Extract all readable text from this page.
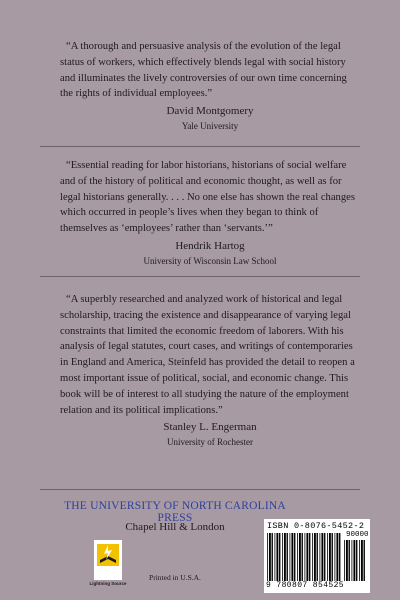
“A thorough and persuasive analysis of the evolution of the legal status of workers, which effectively blends legal with social history and illuminates the lively controversies of our own time concerning the rights of individual employees.”

David Montgomery
Yale University

“Essential reading for labor historians, historians of social welfare and of the history of political and economic thought, as well as for legal historians generally. . . . No one else has shown the real changes which occurred in people’s lives when they began to think of themselves as ‘employees’ rather than ‘servants.’”

Hendrik Hartog
University of Wisconsin Law School

“A superbly researched and analyzed work of historical and legal scholarship, tracing the existence and disappearance of varying legal constraints that limited the economic freedom of laborers. With his analysis of legal statutes, court cases, and writings of contemporaries in England and America, Steinfeld has provided the detail to reopen a most important issue of political, social, and economic change. This book will be of interest to all studying the nature of the employment relation and its political implications.”

Stanley L. Engerman
University of Rochester
THE UNIVERSITY OF NORTH CAROLINA PRESS
Chapel Hill & London
Lightning Source
Printed in U.S.A.
ISBN 0-8076-5452-2
90000
9 780807 854525
